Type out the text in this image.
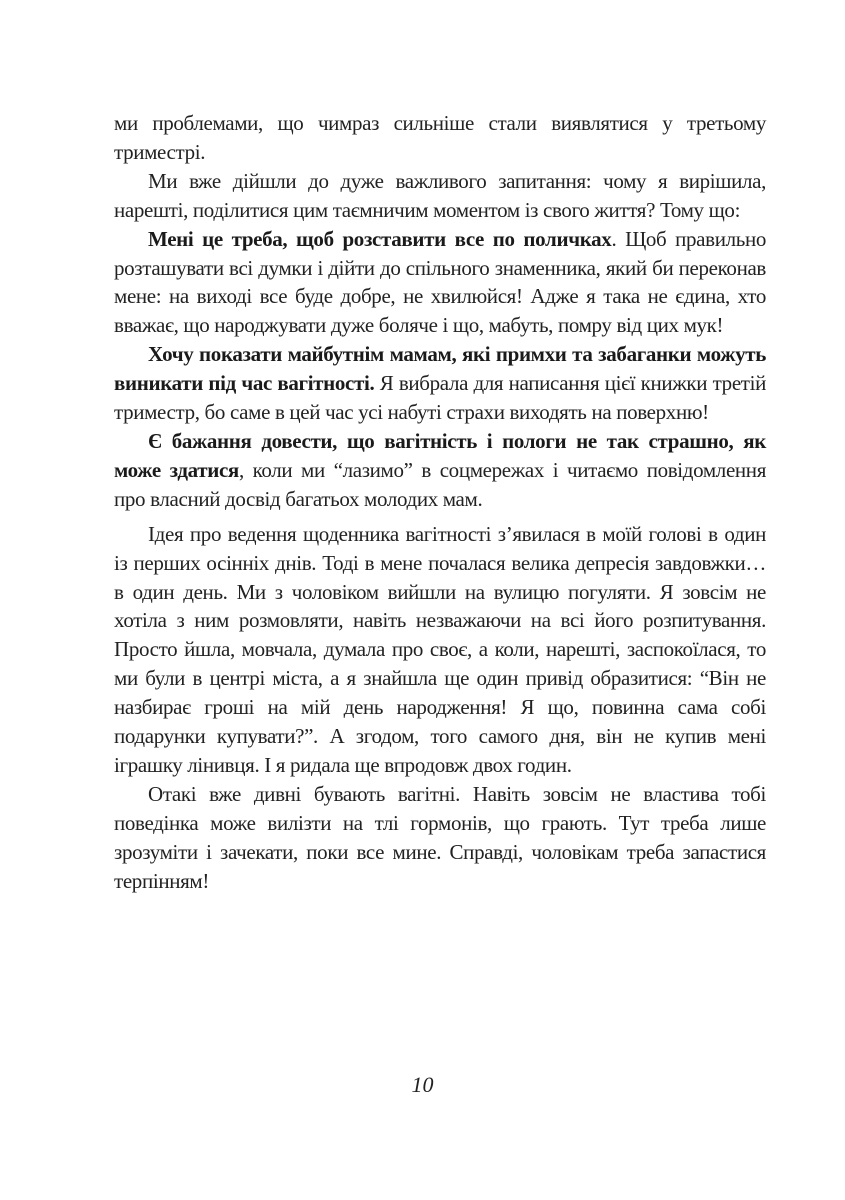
ми проблемами, що чимраз сильніше стали виявлятися у третьому триместрі.

Ми вже дійшли до дуже важливого запитання: чому я вирішила, нарешті, поділитися цим таємничим моментом із свого життя? Тому що:

Мені це треба, щоб розставити все по поличках. Щоб правильно розташувати всі думки і дійти до спільного знаменника, який би переконав мене: на виході все буде добре, не хвилюйся! Адже я така не єдина, хто вважає, що народжувати дуже боляче і що, мабуть, помру від цих мук!

Хочу показати майбутнім мамам, які примхи та забаганки можуть виникати під час вагітності. Я вибрала для написання цієї книжки третій триместр, бо саме в цей час усі набуті страхи виходять на поверхню!

Є бажання довести, що вагітність і пологи не так страшно, як може здатися, коли ми “лазимо” в соцмережах і читаємо повідомлення про власний досвід багатьох молодих мам.

Ідея про ведення щоденника вагітності з’явилася в моїй голові в один із перших осінніх днів. Тоді в мене почалася велика депресія завдовжки… в один день. Ми з чоловіком вийшли на вулицю погуляти. Я зовсім не хотіла з ним розмовляти, навіть незважаючи на всі його розпитування. Просто йшла, мовчала, думала про своє, а коли, нарешті, заспокоїлася, то ми були в центрі міста, а я знайшла ще один привід образитися: “Він не назбирає гроші на мій день народження! Я що, повинна сама собі подарунки купувати?”. А згодом, того самого дня, він не купив мені іграшку лінивця. І я ридала ще впродовж двох годин.

Отакі вже дивні бувають вагітні. Навіть зовсім не властива тобі поведінка може вилізти на тлі гормонів, що грають. Тут треба лише зрозуміти і зачекати, поки все мине. Справді, чоловікам треба запастися терпінням!

10
